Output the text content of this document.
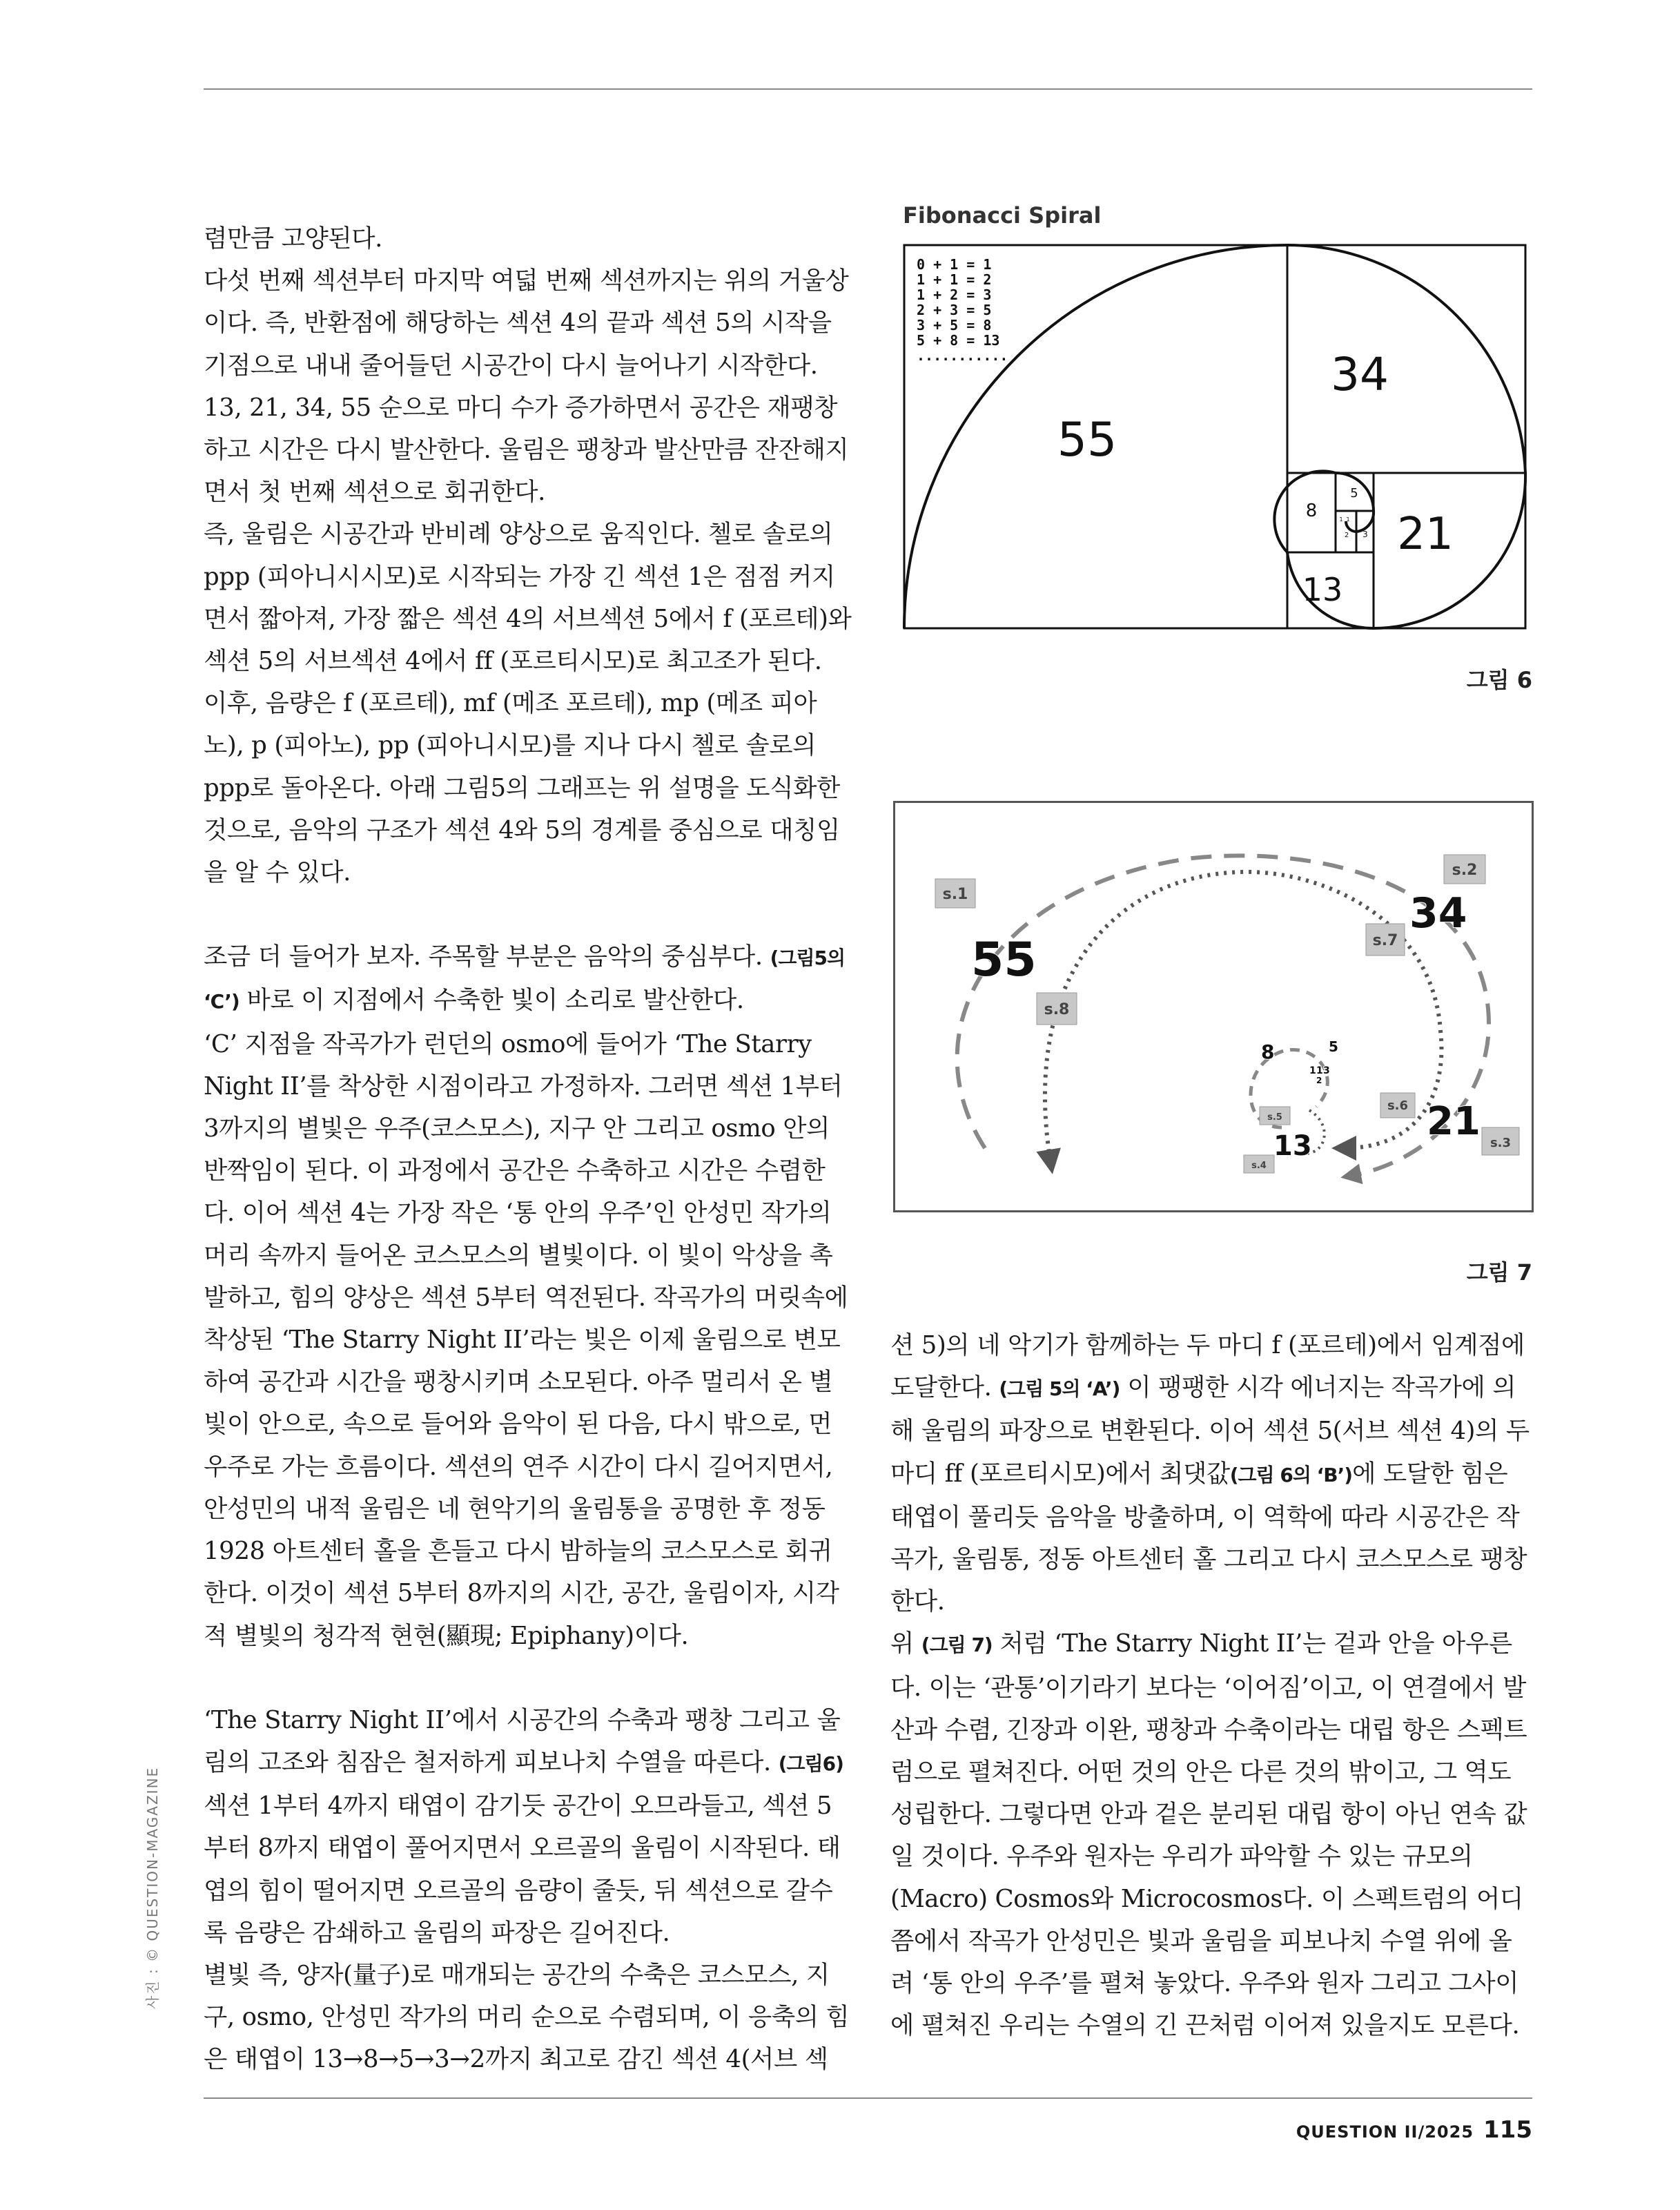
렴만큼 고양된다.

다섯 번째 섹션부터 마지막 여덟 번째 섹션까지는 위의 거울상이다. 즉, 반환점에 해당하는 섹션 4의 끝과 섹션 5의 시작을 기점으로 내내 줄어들던 시공간이 다시 늘어나기 시작한다. 13, 21, 34, 55 순으로 마디 수가 증가하면서 공간은 재팽창하고 시간은 다시 발산한다. 울림은 팽창과 발산만큼 잔잔해지면서 첫 번째 섹션으로 회귀한다.

즉, 울림은 시공간과 반비례 양상으로 움직인다. 첼로 솔로의 ppp (피아니시시모)로 시작되는 가장 긴 섹션 1은 점점 커지면서 짧아져, 가장 짧은 섹션 4의 서브섹션 5에서 f (포르테)와 섹션 5의 서브섹션 4에서 ff (포르티시모)로 최고조가 된다. 이후, 음량은 f (포르테), mf (메조 포르테), mp (메조 피아노), p (피아노), pp (피아니시모)를 지나 다시 첼로 솔로의 ppp로 돌아온다. 아래 그림5의 그래프는 위 설명을 도식화한 것으로, 음악의 구조가 섹션 4와 5의 경계를 중심으로 대칭임을 알 수 있다.

조금 더 들어가 보자. 주목할 부분은 음악의 중심부다. (그림5의 ‘C’) 바로 이 지점에서 수축한 빛이 소리로 발산한다.

‘C’ 지점을 작곡가가 런던의 osmo에 들어가 ‘The Starry Night II’를 착상한 시점이라고 가정하자. 그러면 섹션 1부터 3까지의 별빛은 우주(코스모스), 지구 안 그리고 osmo 안의 반짝임이 된다. 이 과정에서 공간은 수축하고 시간은 수렴한다. 이어 섹션 4는 가장 작은 ‘통 안의 우주’인 안성민 작가의 머리 속까지 들어온 코스모스의 별빛이다. 이 빛이 악상을 촉발하고, 힘의 양상은 섹션 5부터 역전된다. 작곡가의 머릿속에 착상된 ‘The Starry Night II’라는 빛은 이제 울림으로 변모하여 공간과 시간을 팽창시키며 소모된다. 아주 멀리서 온 별빛이 안으로, 속으로 들어와 음악이 된 다음, 다시 밖으로, 먼 우주로 가는 흐름이다. 섹션의 연주 시간이 다시 길어지면서, 안성민의 내적 울림은 네 현악기의 울림통을 공명한 후 정동1928 아트센터 홀을 흔들고 다시 밤하늘의 코스모스로 회귀한다. 이것이 섹션 5부터 8까지의 시간, 공간, 울림이자, 시각적 별빛의 청각적 현현(顯現; Epiphany)이다.

‘The Starry Night II’에서 시공간의 수축과 팽창 그리고 울림의 고조와 침잠은 철저하게 피보나치 수열을 따른다. (그림6)

섹션 1부터 4까지 태엽이 감기듯 공간이 오므라들고, 섹션 5부터 8까지 태엽이 풀어지면서 오르골의 울림이 시작된다. 태엽의 힘이 떨어지면 오르골의 음량이 줄듯, 뒤 섹션으로 갈수록 음량은 감쇄하고 울림의 파장은 길어진다.

별빛 즉, 양자(量子)로 매개되는 공간의 수축은 코스모스, 지구, osmo, 안성민 작가의 머리 순으로 수렴되며, 이 응축의 힘은 태엽이 13→8→5→3→2까지 최고로 감긴 섹션 4(서브 섹

Fibonacci Spiral
0 + 1 = 1
1 + 1 = 2
1 + 2 = 3
2 + 3 = 5
3 + 5 = 8
5 + 8 = 13
...........
55
34
21
13
8
5
3
2
1 1
그림 6
s.1
s.2
s.3
s.4
s.5
s.6
s.7
s.8
55
34
21
13
8	5
1 1 3
2
그림 7

션 5)의 네 악기가 함께하는 두 마디 f (포르테)에서 임계점에 도달한다. (그림 5의 ‘A’) 이 팽팽한 시각 에너지는 작곡가에 의해 울림의 파장으로 변환된다. 이어 섹션 5(서브 섹션 4)의 두 마디 ff (포르티시모)에서 최댓값(그림 6의 ‘B’)에 도달한 힘은 태엽이 풀리듯 음악을 방출하며, 이 역학에 따라 시공간은 작곡가, 울림통, 정동 아트센터 홀 그리고 다시 코스모스로 팽창한다.

위 (그림 7) 처럼 ‘The Starry Night II’는 겉과 안을 아우른다. 이는 ‘관통’이기라기 보다는 ‘이어짐’이고, 이 연결에서 발산과 수렴, 긴장과 이완, 팽창과 수축이라는 대립 항은 스펙트럼으로 펼쳐진다. 어떤 것의 안은 다른 것의 밖이고, 그 역도 성립한다. 그렇다면 안과 겉은 분리된 대립 항이 아닌 연속 값일 것이다. 우주와 원자는 우리가 파악할 수 있는 규모의 (Macro) Cosmos와 Microcosmos다. 이 스펙트럼의 어디쯤에서 작곡가 안성민은 빛과 울림을 피보나치 수열 위에 올려 ‘통 안의 우주’를 펼쳐 놓았다. 우주와 원자 그리고 그사이에 펼쳐진 우리는 수열의 긴 끈처럼 이어져 있을지도 모른다.

사진 : © QUESTION-MAGAZINE
QUESTION II/2025 115
